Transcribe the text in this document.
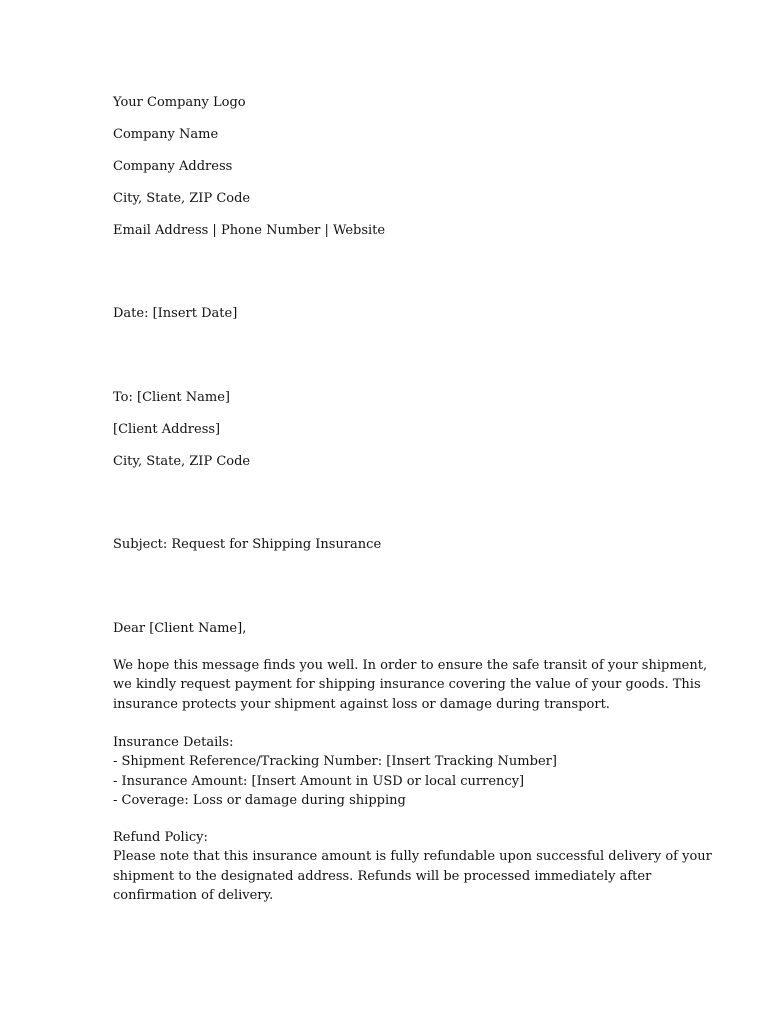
Your Company Logo

Company Name

Company Address

City, State, ZIP Code

Email Address | Phone Number | Website

Date: [Insert Date]

To: [Client Name]

[Client Address]

City, State, ZIP Code

Subject: Request for Shipping Insurance

Dear [Client Name],

We hope this message finds you well. In order to ensure the safe transit of your shipment,
we kindly request payment for shipping insurance covering the value of your goods. This
insurance protects your shipment against loss or damage during transport.
Insurance Details:
- Shipment Reference/Tracking Number: [Insert Tracking Number]
- Insurance Amount: [Insert Amount in USD or local currency]
- Coverage: Loss or damage during shipping
Refund Policy:
Please note that this insurance amount is fully refundable upon successful delivery of your
shipment to the designated address. Refunds will be processed immediately after
confirmation of delivery.
